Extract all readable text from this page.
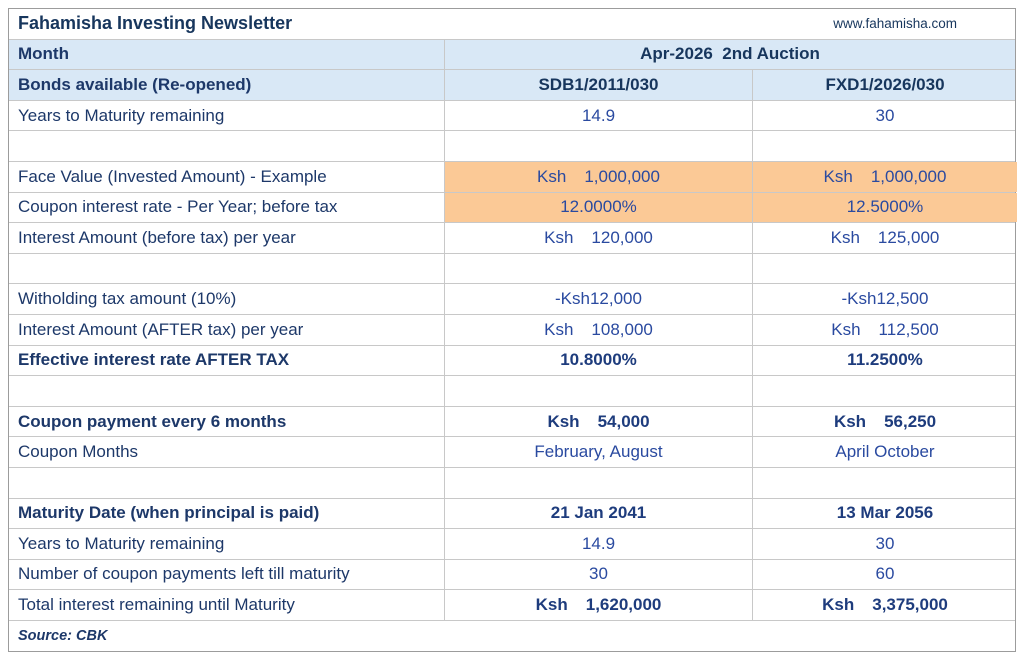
Fahamisha Investing Newsletter	www.fahamisha.com
Month	Apr-2026  2nd Auction
Bonds available (Re-opened)	SDB1/2011/030	FXD1/2026/030
Years to Maturity remaining	14.9	30
Face Value (Invested Amount) - Example	Ksh 1,000,000	Ksh 1,000,000
Coupon interest rate - Per Year; before tax	12.0000%	12.5000%
Interest Amount (before tax) per year	Ksh 120,000	Ksh 125,000
Witholding tax amount (10%)	-Ksh12,000	-Ksh12,500
Interest Amount (AFTER tax) per year	Ksh 108,000	Ksh 112,500
Effective interest rate AFTER TAX	10.8000%	11.2500%
Coupon payment every 6 months	Ksh 54,000	Ksh 56,250
Coupon Months	February, August	April October
Maturity Date (when principal is paid)	21 Jan 2041	13 Mar 2056
Years to Maturity remaining	14.9	30
Number of coupon payments left till maturity	30	60
Total interest remaining until Maturity	Ksh 1,620,000	Ksh 3,375,000
Source: CBK
